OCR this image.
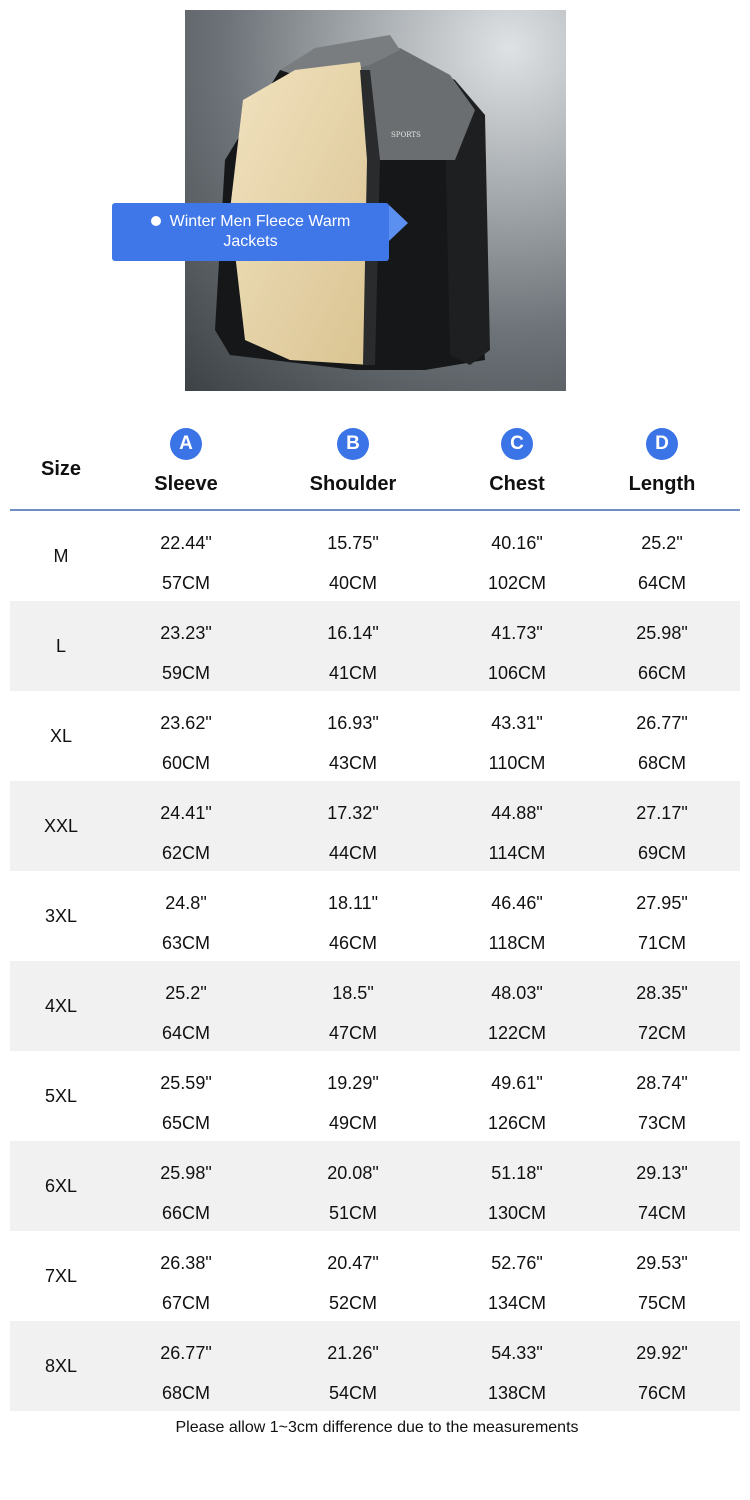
SPORTS
Winter Men Fleece Warm Jackets
Size
A
Sleeve
B
Shoulder
C
Chest
D
Length
M
22.44"
57CM
15.75"
40CM
40.16"
102CM
25.2"
64CM
L
23.23"
59CM
16.14"
41CM
41.73"
106CM
25.98"
66CM
XL
23.62"
60CM
16.93"
43CM
43.31"
110CM
26.77"
68CM
XXL
24.41"
62CM
17.32"
44CM
44.88"
114CM
27.17"
69CM
3XL
24.8"
63CM
18.11"
46CM
46.46"
118CM
27.95"
71CM
4XL
25.2"
64CM
18.5"
47CM
48.03"
122CM
28.35"
72CM
5XL
25.59"
65CM
19.29"
49CM
49.61"
126CM
28.74"
73CM
6XL
25.98"
66CM
20.08"
51CM
51.18"
130CM
29.13"
74CM
7XL
26.38"
67CM
20.47"
52CM
52.76"
134CM
29.53"
75CM
8XL
26.77"
68CM
21.26"
54CM
54.33"
138CM
29.92"
76CM
Please allow 1~3cm difference due to the measurements
